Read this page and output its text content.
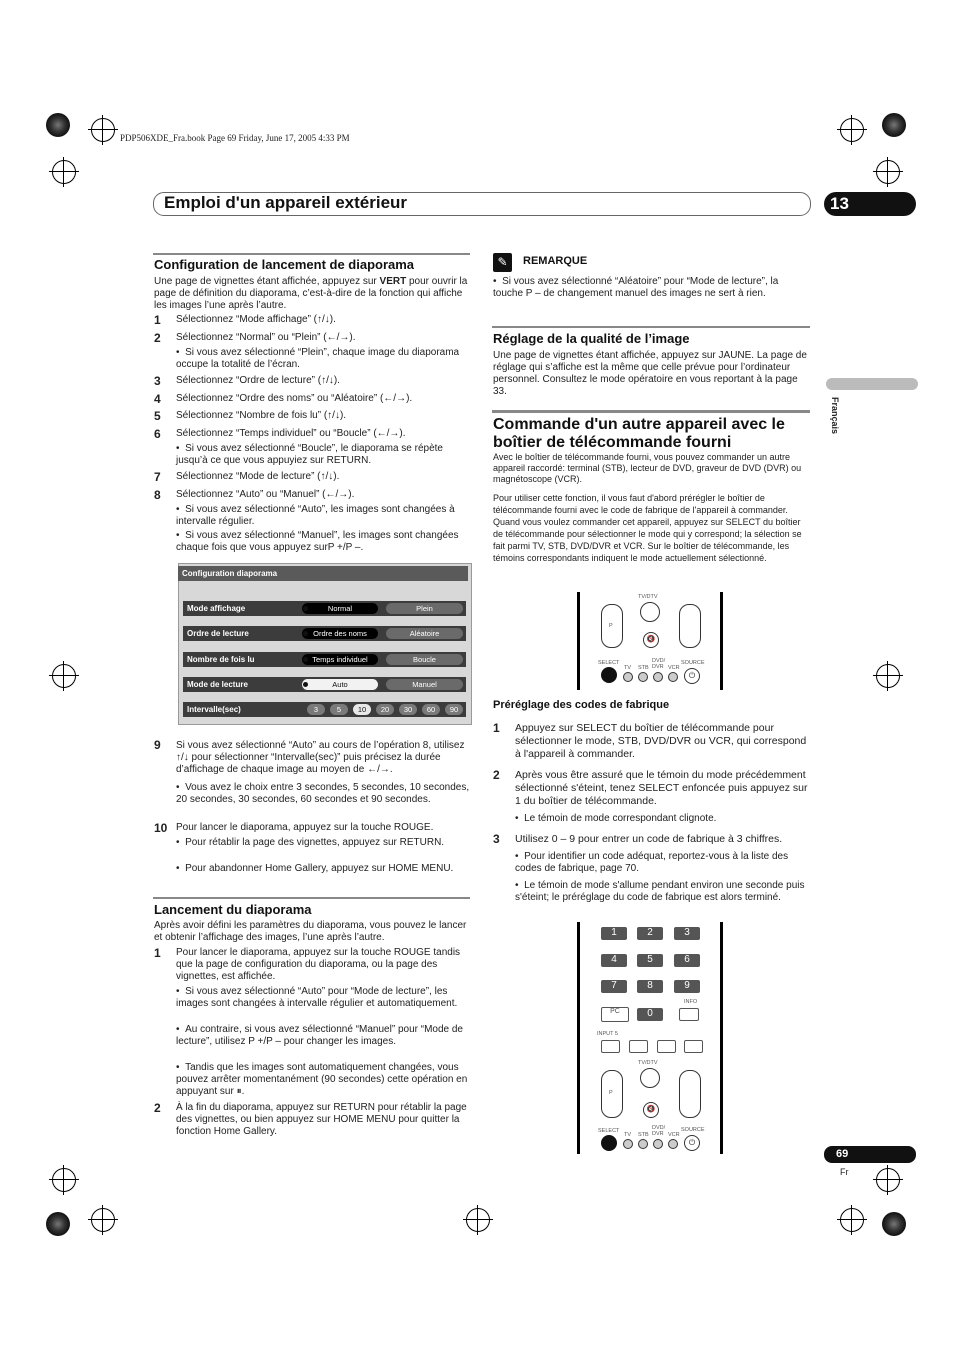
PDP506XDE_Fra.book Page 69 Friday, June 17, 2005 4:33 PM
Emploi d'un appareil extérieur	13
Français
Configuration de lancement de diaporama
Une page de vignettes étant affichée, appuyez sur VERT pour ouvrir la page de définition du diaporama, c’est-à-dire de la fonction qui affiche les images l’une après l’autre.
1 Sélectionnez “Mode affichage” (↑/↓).
2 Sélectionnez “Normal” ou “Plein” (←/→).
•  Si vous avez sélectionné “Plein”, chaque image du diaporama occupe la totalité de l’écran.
3 Sélectionnez “Ordre de lecture” (↑/↓).
4 Sélectionnez “Ordre des noms” ou “Aléatoire” (←/→).
5 Sélectionnez “Nombre de fois lu” (↑/↓).
6 Sélectionnez “Temps individuel” ou “Boucle” (←/→).
•  Si vous avez sélectionné “Boucle”, le diaporama se répète jusqu’à ce que vous appuyiez sur RETURN.
7 Sélectionnez “Mode de lecture” (↑/↓).
8 Sélectionnez “Auto” ou “Manuel” (←/→).
•  Si vous avez sélectionné “Auto”, les images sont changées à intervalle régulier.
•  Si vous avez sélectionné “Manuel”, les images sont changées chaque fois que vous appuyez surP +/P –.
Configuration diaporama
Mode affichage	Normal	Plein
Ordre de lecture	Ordre des noms	Aléatoire
Nombre de fois lu	Temps individuel	Boucle
Mode de lecture	Auto	Manuel
Intervalle(sec)	3	5	10	20	30	60	90
9 Si vous avez sélectionné “Auto” au cours de l’opération 8, utilisez ↑/↓ pour sélectionner “Intervalle(sec)” puis précisez la durée d’affichage de chaque image au moyen de ←/→.
•  Vous avez le choix entre 3 secondes, 5 secondes, 10 secondes, 20 secondes, 30 secondes, 60 secondes et 90 secondes.
10 Pour lancer le diaporama, appuyez sur la touche ROUGE.
•  Pour rétablir la page des vignettes, appuyez sur RETURN.
•  Pour abandonner Home Gallery, appuyez sur HOME MENU.
Lancement du diaporama
Après avoir défini les paramètres du diaporama, vous pouvez le lancer et obtenir l’affichage des images, l’une après l’autre.
1 Pour lancer le diaporama, appuyez sur la touche ROUGE tandis que la page de configuration du diaporama, ou la page des vignettes, est affichée.
•  Si vous avez sélectionné “Auto” pour “Mode de lecture”, les images sont changées à intervalle régulier et automatiquement.
•  Au contraire, si vous avez sélectionné “Manuel” pour “Mode de lecture”, utilisez P +/P – pour changer les images.
•  Tandis que les images sont automatiquement changées, vous pouvez arrêter momentanément (90 secondes) cette opération en appuyant sur ⏸.
2 À la fin du diaporama, appuyez sur RETURN pour rétablir la page des vignettes, ou bien appuyez sur HOME MENU pour quitter la fonction Home Gallery.
✎	REMARQUE
•  Si vous avez sélectionné “Aléatoire” pour “Mode de lecture”, la touche P – de changement manuel des images ne sert à rien.
Réglage de la qualité de l’image
Une page de vignettes étant affichée, appuyez sur JAUNE. La page de réglage qui s’affiche est la même que celle prévue pour l’ordinateur personnel. Consultez le mode opératoire en vous reportant à la page 33.
Commande d'un autre appareil avec le boîtier de télécommande fourni
Avec le boîtier de télécommande fourni, vous pouvez commander un autre appareil raccordé: terminal (STB), lecteur de DVD, graveur de DVD (DVR) ou magnétoscope (VCR).
Pour utiliser cette fonction, il vous faut d'abord prérégler le boîtier de télécommande fourni avec le code de fabrique de l'appareil à commander. Quand vous voulez commander cet appareil, appuyez sur SELECT du boîtier de télécommande pour sélectionner le mode qui y correspond; la sélection se fait parmi TV, STB, DVD/DVR et VCR. Sur le boîtier de télécommande, les témoins correspondants indiquent le mode actuellement sélectionné.
TV/DTV
P
🔇
SELECT
TV STB
DVD/ DVR VCR
SOURCE
⏻
Préréglage des codes de fabrique
1 Appuyez sur SELECT du boîtier de télécommande pour sélectionner le mode, STB, DVD/DVR ou VCR, qui correspond à l'appareil à commander.
2 Après vous être assuré que le témoin du mode précédemment sélectionné s'éteint, tenez SELECT enfoncée puis appuyez sur 1 du boîtier de télécommande.
•  Le témoin de mode correspondant clignote.
3 Utilisez 0 – 9 pour entrer un code de fabrique à 3 chiffres.
•  Pour identifier un code adéquat, reportez-vous à la liste des codes de fabrique, page 70.
•  Le témoin de mode s'allume pendant environ une seconde puis s'éteint; le préréglage du code de fabrique est alors terminé.
1	2	3
4	5	6
7	8	9
PC	0
INFO
INPUT 5
TV/DTV
P
🔇
SELECT
TV STB
DVD/ DVR VCR
SOURCE
⏻
69
Fr
